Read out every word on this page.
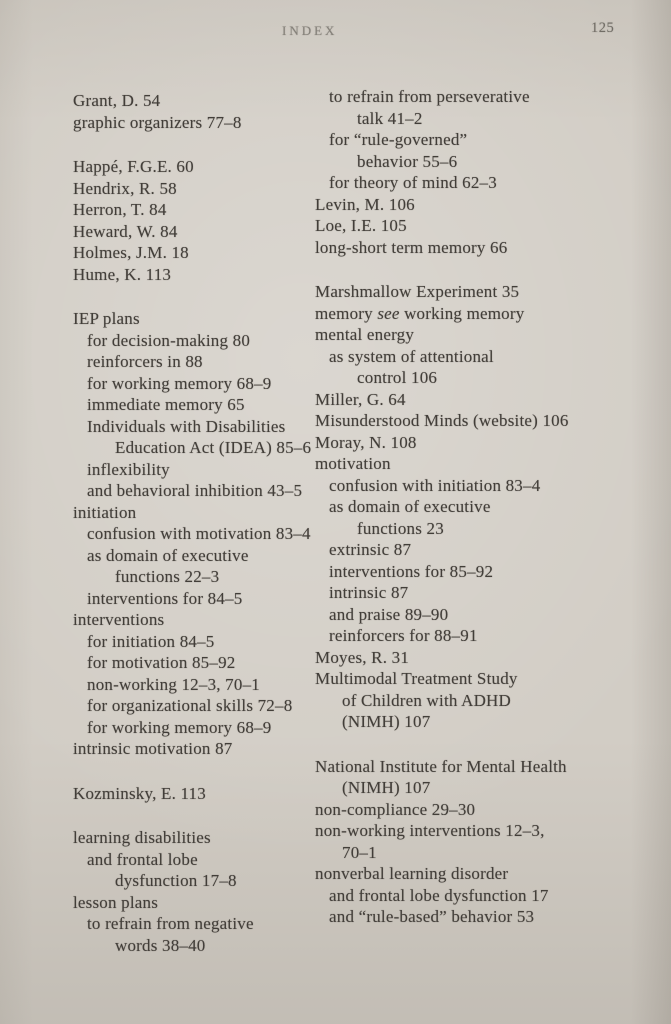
INDEX	125
Grant, D. 54
graphic organizers 77–8
Happé, F.G.E. 60
Hendrix, R. 58
Herron, T. 84
Heward, W. 84
Holmes, J.M. 18
Hume, K. 113
IEP plans
for decision-making 80
reinforcers in 88
for working memory 68–9
immediate memory 65
Individuals with Disabilities
Education Act (IDEA) 85–6
inflexibility
and behavioral inhibition 43–5
initiation
confusion with motivation 83–4
as domain of executive
functions 22–3
interventions for 84–5
interventions
for initiation 84–5
for motivation 85–92
non-working 12–3, 70–1
for organizational skills 72–8
for working memory 68–9
intrinsic motivation 87
Kozminsky, E. 113
learning disabilities
and frontal lobe
dysfunction 17–8
lesson plans
to refrain from negative
words 38–40
to refrain from perseverative
talk 41–2
for “rule-governed”
behavior 55–6
for theory of mind 62–3
Levin, M. 106
Loe, I.E. 105
long-short term memory 66
Marshmallow Experiment 35
memory see working memory
mental energy
as system of attentional
control 106
Miller, G. 64
Misunderstood Minds (website) 106
Moray, N. 108
motivation
confusion with initiation 83–4
as domain of executive
functions 23
extrinsic 87
interventions for 85–92
intrinsic 87
and praise 89–90
reinforcers for 88–91
Moyes, R. 31
Multimodal Treatment Study
of Children with ADHD
(NIMH) 107
National Institute for Mental Health
(NIMH) 107
non-compliance 29–30
non-working interventions 12–3,
70–1
nonverbal learning disorder
and frontal lobe dysfunction 17
and “rule-based” behavior 53
